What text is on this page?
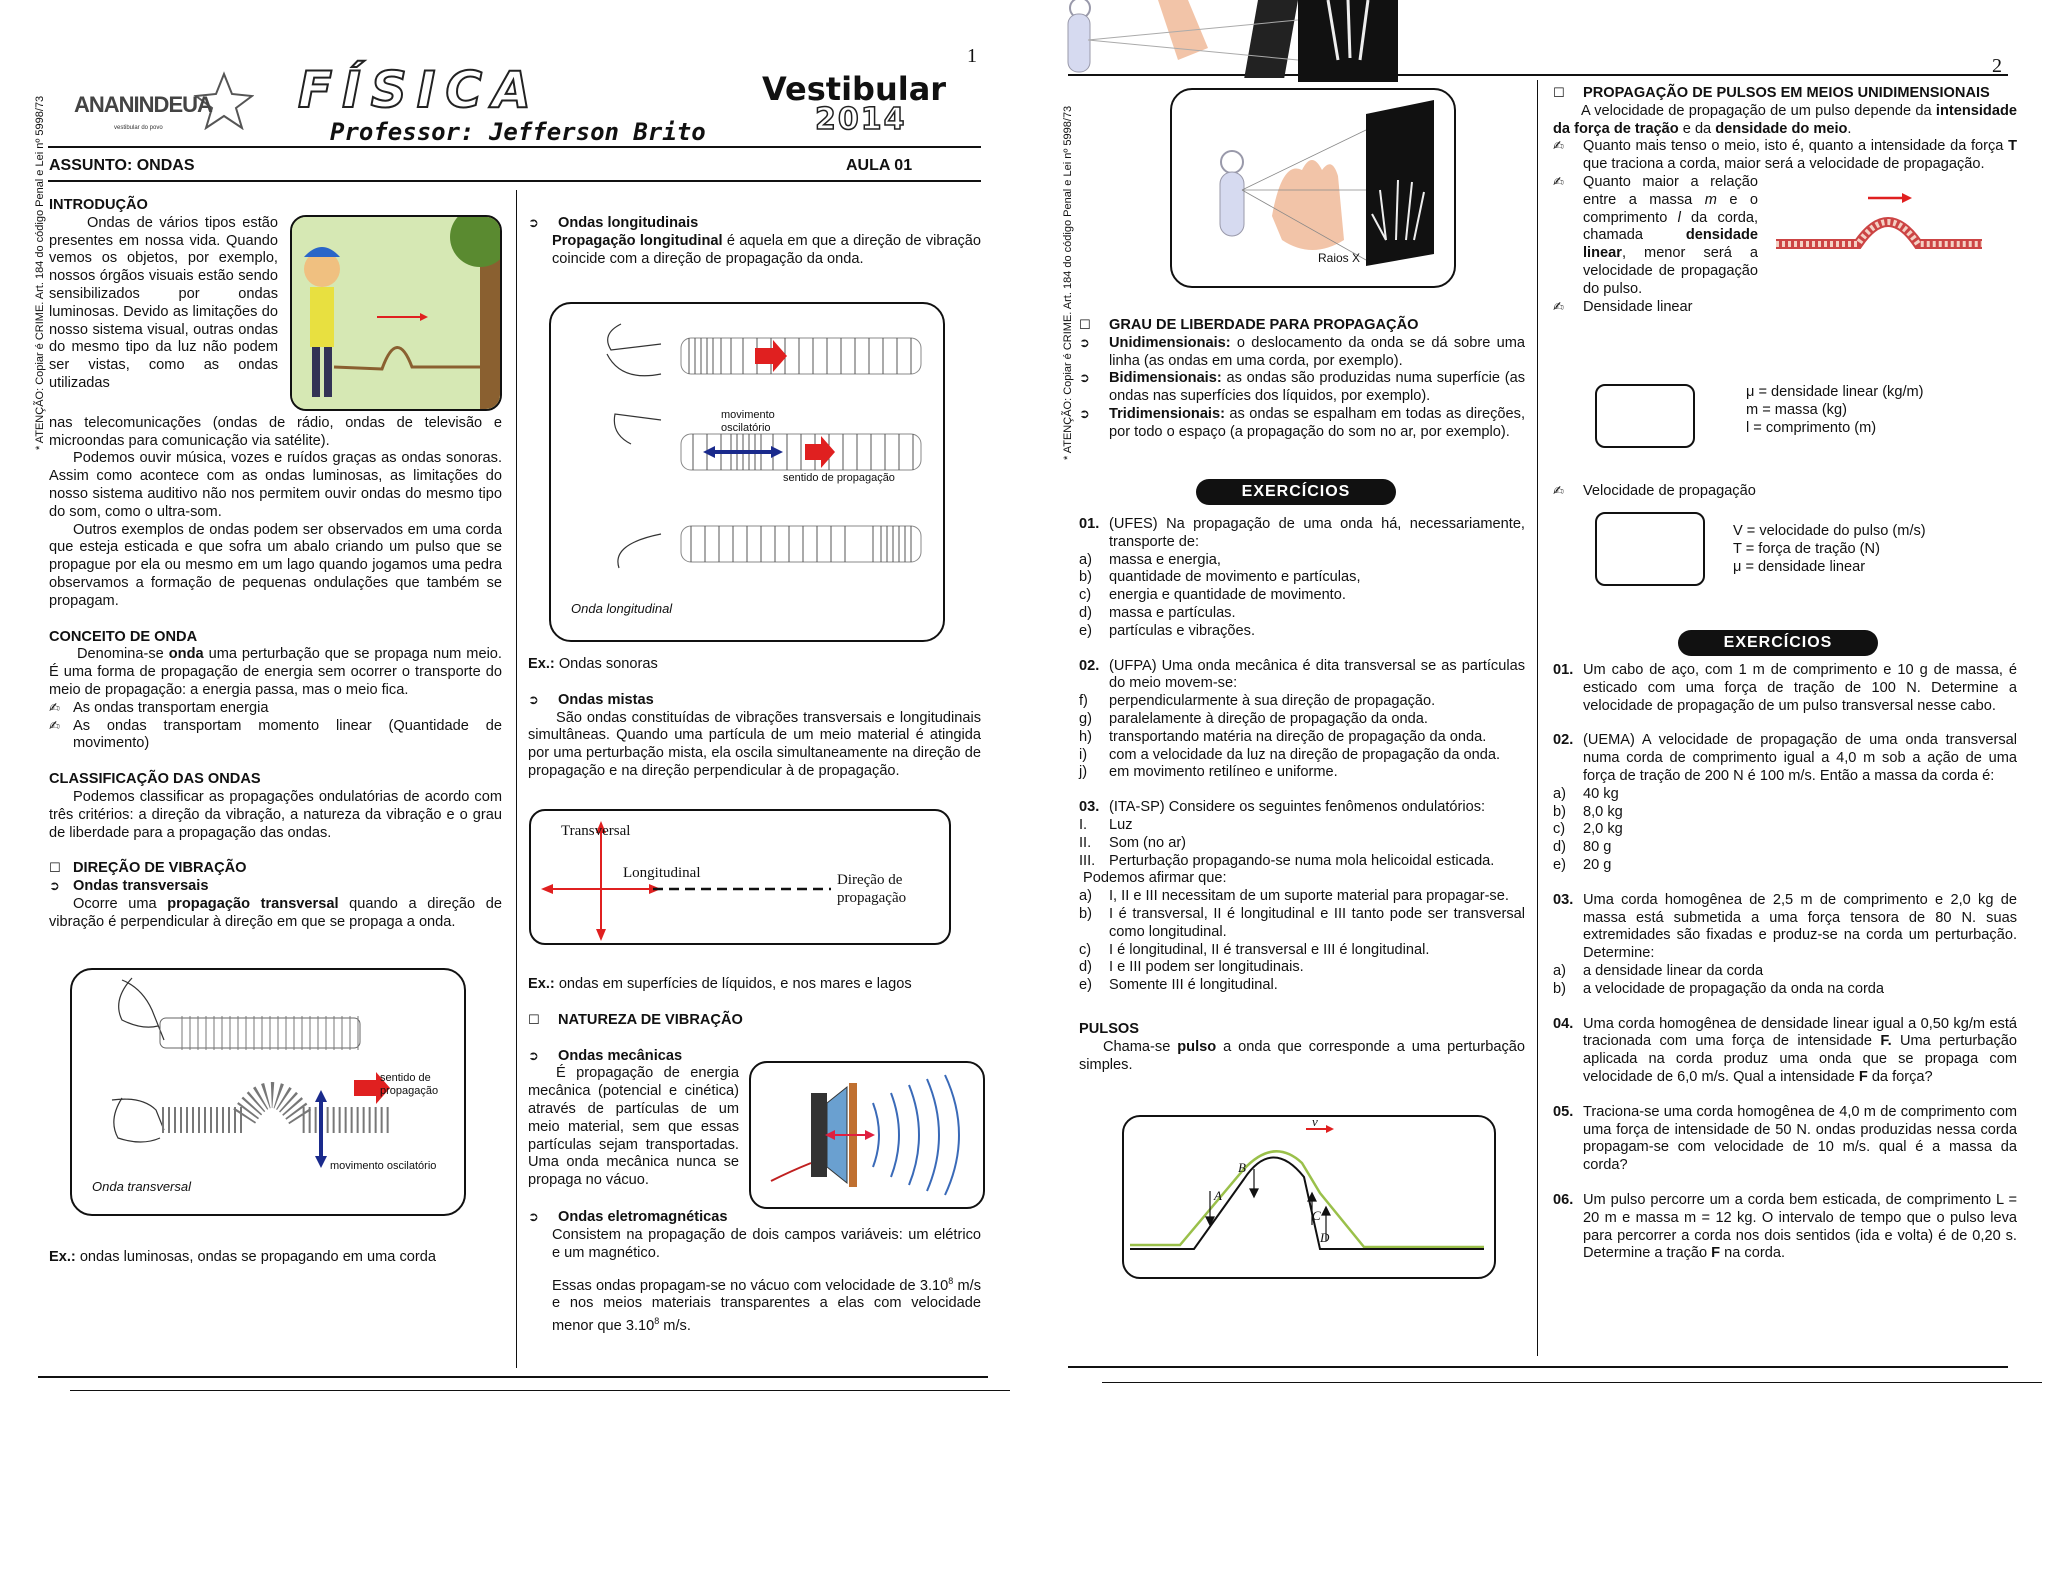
* ATENÇÃO: Copiar é CRIME. Art. 184 do código Penal e Lei nº 5998/73
1
ANANINDEUA
vestibular do povo
FÍSICA
Professor: Jefferson Brito
Vestibular
2014
ASSUNTO: ONDAS	AULA 01

INTRODUÇÃO

Ondas de vários tipos estão presentes em nossa vida. Quando vemos os objetos, por exemplo, nossos órgãos visuais estão sendo sensibilizados por ondas luminosas. Devido as limitações do nosso sistema visual, outras ondas do mesmo tipo da luz não podem ser vistas, como as ondas utilizadas

nas telecomunicações (ondas de rádio, ondas de televisão e microondas para comunicação via satélite).

Podemos ouvir música, vozes e ruídos graças as ondas sonoras. Assim como acontece com as ondas luminosas, as limitações do nosso sistema auditivo não nos permitem ouvir ondas do mesmo tipo do som, como o ultra-som.

Outros exemplos de ondas podem ser observados em uma corda que esteja esticada e que sofra um abalo criando um pulso que se propague por ela ou mesmo em um lago quando jogamos uma pedra observamos a formação de pequenas ondulações que também se propagam.

CONCEITO DE ONDA

Denomina-se onda uma perturbação que se propaga num meio. É uma forma de propagação de energia sem ocorrer o transporte do meio de propagação: a energia passa, mas o meio fica.

✍ As ondas transportam energia
✍ As ondas transportam momento linear (Quantidade de movimento)

CLASSIFICAÇÃO DAS ONDAS

Podemos classificar as propagações ondulatórias de acordo com três critérios: a direção da vibração, a natureza da vibração e o grau de liberdade para a propagação das ondas.

☐ DIREÇÃO DE VIBRAÇÃO
➲ Ondas transversais

Ocorre uma propagação transversal quando a direção de vibração é perpendicular à direção em que se propaga a onda.

sentido de propagação
movimento oscilatório
Onda transversal

Ex.: ondas luminosas, ondas se propagando em uma corda

➲	Ondas longitudinais

Propagação longitudinal é aquela em que a direção de vibração coincide com a direção de propagação da onda.

movimento oscilatório
sentido de propagação
Onda longitudinal

Ex.: Ondas sonoras

➲	Ondas mistas

São ondas constituídas de vibrações transversais e longitudinais simultâneas. Quando uma partícula de um meio material é atingida por uma perturbação mista, ela oscila simultaneamente na direção de propagação e na direção perpendicular à de propagação.

Transversal
Longitudinal	Direção de propagação

Ex.: ondas em superfícies de líquidos, e nos mares e lagos

☐	NATUREZA DE VIBRAÇÃO
➲	Ondas mecânicas

É propagação de energia mecânica (potencial e cinética) através de partículas de um meio material, sem que essas partículas sejam transportadas. Uma onda mecânica nunca se propaga no vácuo.

➲	Ondas eletromagnéticas

Consistem na propagação de dois campos variáveis: um elétrico e um magnético.

Essas ondas propagam-se no vácuo com velocidade de 3.10$^8$ m/s e nos meios materiais transparentes a elas com velocidade menor que 3.10$^8$ m/s.

* ATENÇÃO: Copiar é CRIME. Art. 184 do código Penal e Lei nº 5998/73
2
Raios X
☐	GRAU DE LIBERDADE PARA PROPAGAÇÃO
➲	Unidimensionais: o deslocamento da onda se dá sobre uma linha (as ondas em uma corda, por exemplo).
➲	Bidimensionais: as ondas são produzidas numa superfície (as ondas nas superfícies dos líquidos, por exemplo).
➲	Tridimensionais: as ondas se espalham em todas as direções, por todo o espaço (a propagação do som no ar, por exemplo).
EXERCÍCIOS
01. (UFES) Na propagação de uma onda há, necessariamente, transporte de:
a)	massa e energia,
b)	quantidade de movimento e partículas,
c)	energia e quantidade de movimento.
d)	massa e partículas.
e)	partículas e vibrações.
02. (UFPA) Uma onda mecânica é dita transversal se as partículas do meio movem-se:
f)	perpendicularmente à sua direção de propagação.
g)	paralelamente à direção de propagação da onda.
h)	transportando matéria na direção de propagação da onda.
i)	com a velocidade da luz na direção de propagação da onda.
j)	em movimento retilíneo e uniforme.
03. (ITA-SP) Considere os seguintes fenômenos ondulatórios:
I.	Luz
II.	Som (no ar)
III. Perturbação propagando-se numa mola helicoidal esticada.

Podemos afirmar que:

a)	I, II e III necessitam de um suporte material para propagar-se.
b)	I é transversal, II é longitudinal e III tanto pode ser transversal como longitudinal.
c)	I é longitudinal, II é transversal e III é longitudinal.
d)	I e III podem ser longitudinais.
e)	Somente III é longitudinal.

PULSOS

Chama-se pulso a onda que corresponde a uma perturbação simples.

v
A
B
C
D
☐	PROPAGAÇÃO DE PULSOS EM MEIOS UNIDIMENSIONAIS

A velocidade de propagação de um pulso depende da intensidade da força de tração e da densidade do meio.

✍	Quanto mais tenso o meio, isto é, quanto a intensidade da força T que traciona a corda, maior será a velocidade de propagação.
✍	Quanto maior a relação entre a massa m e o comprimento l da corda, chamada densidade linear, menor será a velocidade de propagação do pulso.
✍	Densidade linear

μ = densidade linear (kg/m)

m = massa (kg)

l = comprimento (m)

✍	Velocidade de propagação

V = velocidade do pulso (m/s)

T = força de tração (N)

μ = densidade linear

EXERCÍCIOS
01. Um cabo de aço, com 1 m de comprimento e 10 g de massa, é esticado com uma força de tração de 100 N. Determine a velocidade de propagação de um pulso transversal nesse cabo.
02. (UEMA) A velocidade de propagação de uma onda transversal numa corda de comprimento igual a 4,0 m sob a ação de uma força de tração de 200 N é 100 m/s. Então a massa da corda é:
a)	40 kg
b)	8,0 kg
c)	2,0 kg
d)	80 g
e)	20 g
03. Uma corda homogênea de 2,5 m de comprimento e 2,0 kg de massa está submetida a uma força tensora de 80 N. suas extremidades são fixadas e produz-se na corda um perturbação. Determine:
a)	a densidade linear da corda
b)	a velocidade de propagação da onda na corda
04. Uma corda homogênea de densidade linear igual a 0,50 kg/m está tracionada com uma força de intensidade F. Uma perturbação aplicada na corda produz uma onda que se propaga com velocidade de 6,0 m/s. Qual a intensidade F da força?
05. Traciona-se uma corda homogênea de 4,0 m de comprimento com uma força de intensidade de 50 N. ondas produzidas nessa corda propagam-se com velocidade de 10 m/s. qual é a massa da corda?
06. Um pulso percorre um a corda bem esticada, de comprimento L = 20 m e massa m = 12 kg. O intervalo de tempo que o pulso leva para percorrer a corda nos dois sentidos (ida e volta) é de 0,20 s. Determine a tração F na corda.
